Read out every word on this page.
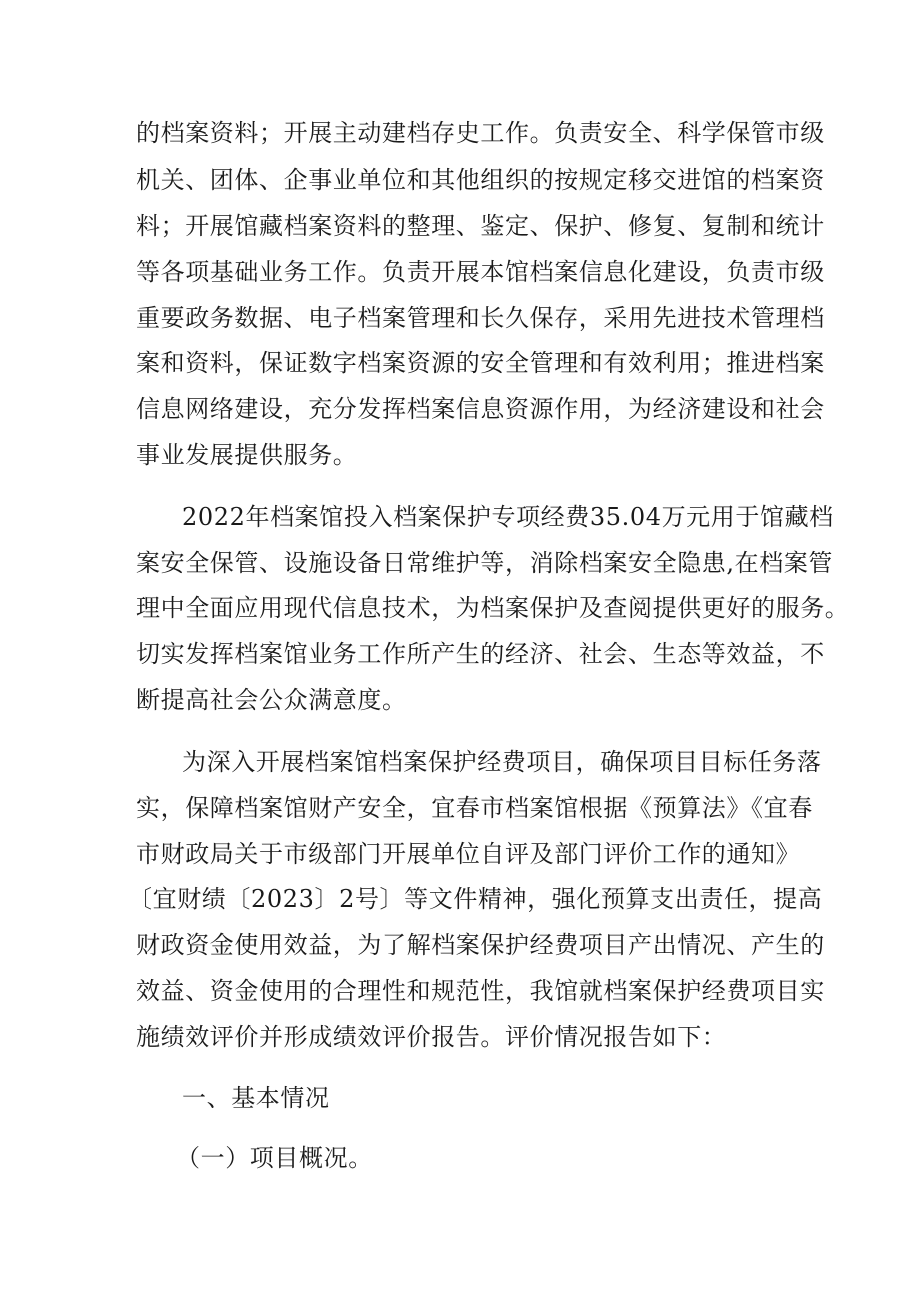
的档案资料；开展主动建档存史工作。负责安全、科学保管市级
机关、团体、企事业单位和其他组织的按规定移交进馆的档案资
料；开展馆藏档案资料的整理、鉴定、保护、修复、复制和统计
等各项基础业务工作。负责开展本馆档案信息化建设，负责市级
重要政务数据、电子档案管理和长久保存，采用先进技术管理档
案和资料，保证数字档案资源的安全管理和有效利用；推进档案
信息网络建设，充分发挥档案信息资源作用，为经济建设和社会
事业发展提供服务。
2022年档案馆投入档案保护专项经费35.04万元用于馆藏档
案安全保管、设施设备日常维护等，消除档案安全隐患,在档案管
理中全面应用现代信息技术，为档案保护及查阅提供更好的服务。
切实发挥档案馆业务工作所产生的经济、社会、生态等效益，不
断提高社会公众满意度。
为深入开展档案馆档案保护经费项目，确保项目目标任务落
实，保障档案馆财产安全，宜春市档案馆根据《预算法》《宜春
市财政局关于市级部门开展单位自评及部门评价工作的通知》
〔宜财绩〔2023〕2号〕等文件精神，强化预算支出责任，提高
财政资金使用效益，为了解档案保护经费项目产出情况、产生的
效益、资金使用的合理性和规范性，我馆就档案保护经费项目实
施绩效评价并形成绩效评价报告。评价情况报告如下：
一、基本情况
（一）项目概况。
